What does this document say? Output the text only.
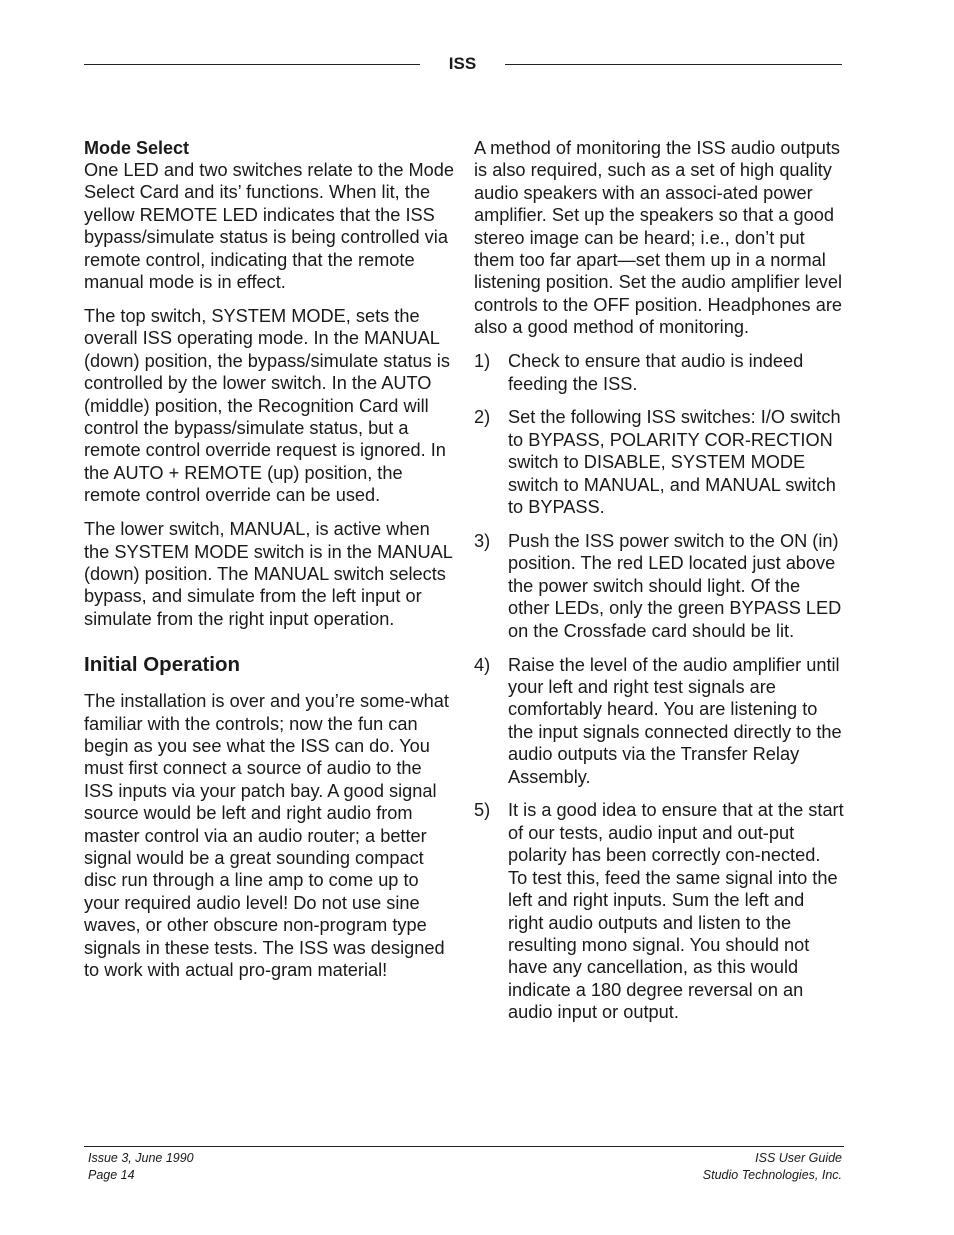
ISS
Mode Select

One LED and two switches relate to the Mode Select Card and its’ functions. When lit, the yellow REMOTE LED indicates that the ISS bypass/simulate status is being controlled via remote control, indicating that the remote manual mode is in effect.

The top switch, SYSTEM MODE, sets the overall ISS operating mode. In the MANUAL (down) position, the bypass/simulate status is controlled by the lower switch. In the AUTO (middle) position, the Recognition Card will control the bypass/simulate status, but a remote control override request is ignored. In the AUTO + REMOTE (up) position, the remote control override can be used.

The lower switch, MANUAL, is active when the SYSTEM MODE switch is in the MANUAL (down) position. The MANUAL switch selects bypass, and simulate from the left input or simulate from the right input operation.

Initial Operation

The installation is over and you’re some-what familiar with the controls; now the fun can begin as you see what the ISS can do. You must first connect a source of audio to the ISS inputs via your patch bay. A good signal source would be left and right audio from master control via an audio router; a better signal would be a great sounding compact disc run through a line amp to come up to your required audio level! Do not use sine waves, or other obscure non-program type signals in these tests. The ISS was designed to work with actual pro-gram material!

A method of monitoring the ISS audio outputs is also required, such as a set of high quality audio speakers with an associ-ated power amplifier. Set up the speakers so that a good stereo image can be heard; i.e., don’t put them too far apart—set them up in a normal listening position. Set the audio amplifier level controls to the OFF position. Headphones are also a good method of monitoring.

1) Check to ensure that audio is indeed feeding the ISS.
2) Set the following ISS switches: I/O switch to BYPASS, POLARITY COR-RECTION switch to DISABLE, SYSTEM MODE switch to MANUAL, and MANUAL switch to BYPASS.
3) Push the ISS power switch to the ON (in) position. The red LED located just above the power switch should light. Of the other LEDs, only the green BYPASS LED on the Crossfade card should be lit.
4) Raise the level of the audio amplifier until your left and right test signals are comfortably heard. You are listening to the input signals connected directly to the audio outputs via the Transfer Relay Assembly.
5) It is a good idea to ensure that at the start of our tests, audio input and out-put polarity has been correctly con-nected. To test this, feed the same signal into the left and right inputs. Sum the left and right audio outputs and listen to the resulting mono signal. You should not have any cancellation, as this would indicate a 180 degree reversal on an audio input or output.
Issue 3, June 1990
Page 14
ISS User Guide
Studio Technologies, Inc.
